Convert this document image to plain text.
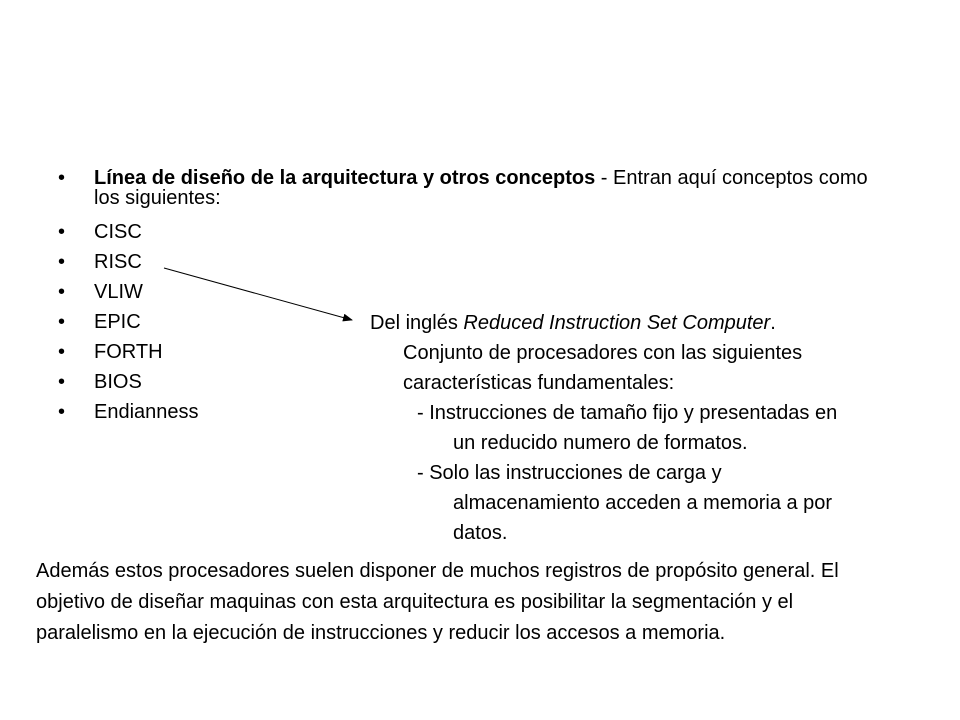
• Línea de diseño de la arquitectura y otros conceptos - Entran aquí conceptos como los siguientes:
• CISC
• RISC
• VLIW
• EPIC
• FORTH
• BIOS
• Endianness

Del inglés Reduced Instruction Set Computer.

Conjunto de procesadores con las siguientes

características fundamentales:

- Instrucciones de tamaño fijo y presentadas en

un reducido numero de formatos.

- Solo las instrucciones de carga y

almacenamiento acceden a memoria a por

datos.

Además estos procesadores suelen disponer de muchos registros de propósito general. El objetivo de diseñar maquinas con esta arquitectura es posibilitar la segmentación y el paralelismo en la ejecución de instrucciones y reducir los accesos a memoria.
